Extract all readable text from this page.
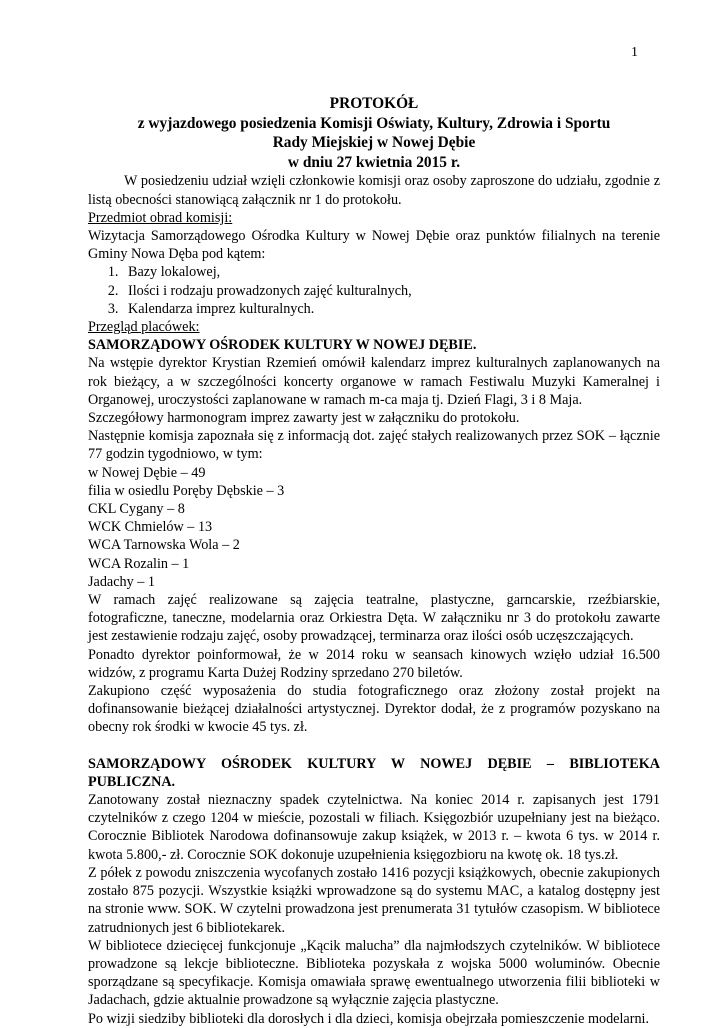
1
PROTOKÓŁ
z wyjazdowego posiedzenia Komisji Oświaty, Kultury, Zdrowia i Sportu
Rady Miejskiej w Nowej Dębie
w dniu 27 kwietnia 2015 r.

W posiedzeniu udział wzięli członkowie komisji oraz osoby zaproszone do udziału, zgodnie z listą obecności stanowiącą załącznik nr 1 do protokołu.

Przedmiot obrad komisji:

Wizytacja Samorządowego Ośrodka Kultury w Nowej Dębie oraz punktów filialnych na terenie Gminy Nowa Dęba pod kątem:

1. Bazy lokalowej,
2. Ilości i rodzaju prowadzonych zajęć kulturalnych,
3. Kalendarza imprez kulturalnych.

Przegląd placówek:

SAMORZĄDOWY OŚRODEK KULTURY W NOWEJ DĘBIE.

Na wstępie dyrektor Krystian Rzemień omówił kalendarz imprez kulturalnych zaplanowanych na rok bieżący, a w szczególności koncerty organowe w ramach Festiwalu Muzyki Kameralnej i Organowej, uroczystości zaplanowane w ramach m-ca maja tj. Dzień Flagi, 3 i 8 Maja.

Szczegółowy harmonogram imprez zawarty jest w załączniku do protokołu.

Następnie komisja zapoznała się z informacją dot. zajęć stałych realizowanych przez SOK – łącznie 77 godzin tygodniowo, w tym:

w Nowej Dębie – 49

filia w osiedlu Poręby Dębskie – 3

CKL Cygany – 8

WCK Chmielów – 13

WCA Tarnowska Wola – 2

WCA Rozalin – 1

Jadachy – 1

W ramach zajęć realizowane są zajęcia teatralne, plastyczne, garncarskie, rzeźbiarskie, fotograficzne, taneczne, modelarnia oraz Orkiestra Dęta. W załączniku nr 3 do protokołu zawarte jest zestawienie rodzaju zajęć, osoby prowadzącej, terminarza oraz ilości osób uczęszczających.

Ponadto dyrektor poinformował, że w 2014 roku w seansach kinowych wzięło udział 16.500 widzów, z programu Karta Dużej Rodziny sprzedano 270 biletów.

Zakupiono część wyposażenia do studia fotograficznego oraz złożony został projekt na dofinansowanie bieżącej działalności artystycznej. Dyrektor dodał, że z programów pozyskano na obecny rok środki w kwocie 45 tys. zł.

SAMORZĄDOWY OŚRODEK KULTURY W NOWEJ DĘBIE – BIBLIOTEKA PUBLICZNA.

Zanotowany został nieznaczny spadek czytelnictwa. Na koniec 2014 r. zapisanych jest 1791 czytelników z czego 1204 w mieście, pozostali w filiach. Księgozbiór uzupełniany jest na bieżąco. Corocznie Bibliotek Narodowa dofinansowuje zakup książek, w 2013 r. – kwota 6 tys. w 2014 r. kwota 5.800,- zł. Corocznie SOK dokonuje uzupełnienia księgozbioru na kwotę ok. 18 tys.zł.

Z półek z powodu zniszczenia wycofanych zostało 1416 pozycji książkowych, obecnie zakupionych zostało 875 pozycji. Wszystkie książki wprowadzone są do systemu MAC, a katalog dostępny jest na stronie www. SOK. W czytelni prowadzona jest prenumerata 31 tytułów czasopism. W bibliotece zatrudnionych jest 6 bibliotekarek.

W bibliotece dziecięcej funkcjonuje „Kącik malucha” dla najmłodszych czytelników. W bibliotece prowadzone są lekcje biblioteczne. Biblioteka pozyskała z wojska 5000 woluminów. Obecnie sporządzane są specyfikacje. Komisja omawiała sprawę ewentualnego utworzenia filii biblioteki w Jadachach, gdzie aktualnie prowadzone są wyłącznie zajęcia plastyczne.

Po wizji siedziby biblioteki dla dorosłych i dla dzieci, komisja obejrzała pomieszczenie modelarni.
